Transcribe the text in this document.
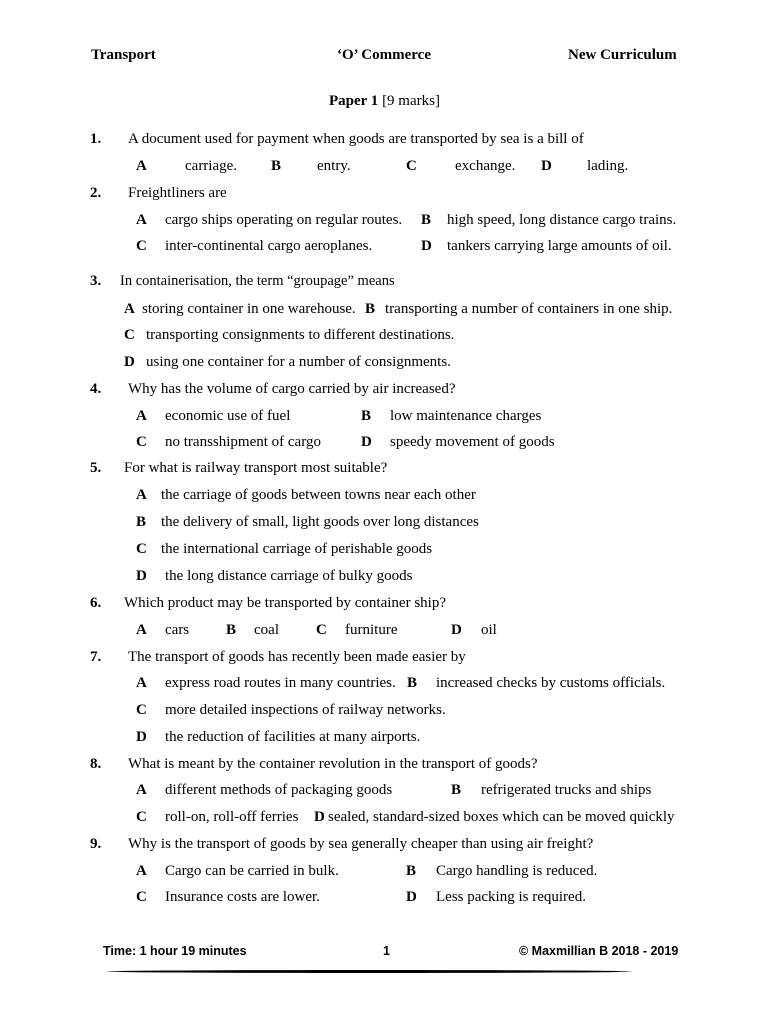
Transport	‘O’ Commerce	New Curriculum
Paper 1 [9 marks]
1. A document used for payment when goods are transported by sea is a bill of
A	carriage. B entry.	C	exchange. D lading.
2. Freightliners are
A cargo ships operating on regular routes. B high speed, long distance cargo trains.
C inter-continental cargo aeroplanes.	D tankers carrying large amounts of oil.
3. In containerisation, the term “groupage” means
A storing container in one warehouse. B transporting a number of containers in one ship.
C transporting consignments to different destinations.
D using one container for a number of consignments.
4. Why has the volume of cargo carried by air increased?
A economic use of fuel	B low maintenance charges
C no transshipment of cargo	D speedy movement of goods
5. For what is railway transport most suitable?
A the carriage of goods between towns near each other
B the delivery of small, light goods over long distances
C the international carriage of perishable goods
D the long distance carriage of bulky goods
6. Which product may be transported by container ship?
A cars B coal C furniture	D oil
7. The transport of goods has recently been made easier by
A express road routes in many countries. B increased checks by customs officials.
C more detailed inspections of railway networks.
D the reduction of facilities at many airports.
8. What is meant by the container revolution in the transport of goods?
A different methods of packaging goods	B refrigerated trucks and ships
C roll-on, roll-off ferries D sealed, standard-sized boxes which can be moved quickly
9. Why is the transport of goods by sea generally cheaper than using air freight?
A Cargo can be carried in bulk.	B Cargo handling is reduced.
C Insurance costs are lower.	D Less packing is required.
Time: 1 hour 19 minutes	1	© Maxmillian B 2018 - 2019
